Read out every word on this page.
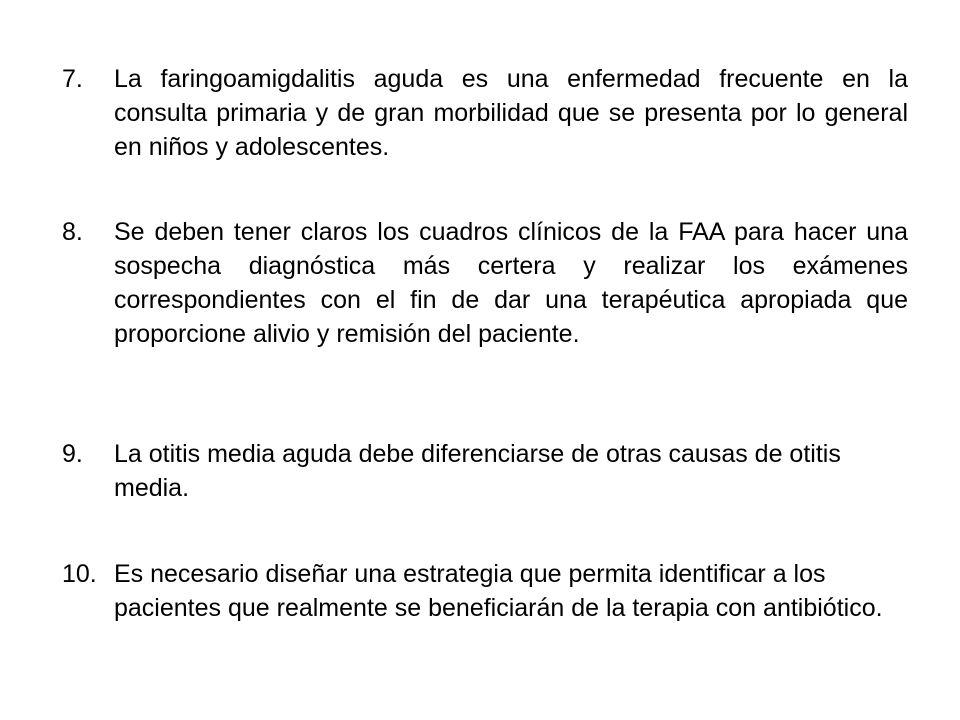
7. La faringoamigdalitis aguda es una enfermedad frecuente en la consulta primaria y de gran morbilidad que se presenta por lo general en niños y adolescentes.
8. Se deben tener claros los cuadros clínicos de la FAA para hacer una sospecha diagnóstica más certera y realizar los exámenes correspondientes con el fin de dar una terapéutica apropiada que proporcione alivio y remisión del paciente.
9. La otitis media aguda debe diferenciarse de otras causas de otitis media.
10. Es necesario diseñar una estrategia que permita identificar a los pacientes que realmente se beneficiarán de la terapia con antibiótico.
